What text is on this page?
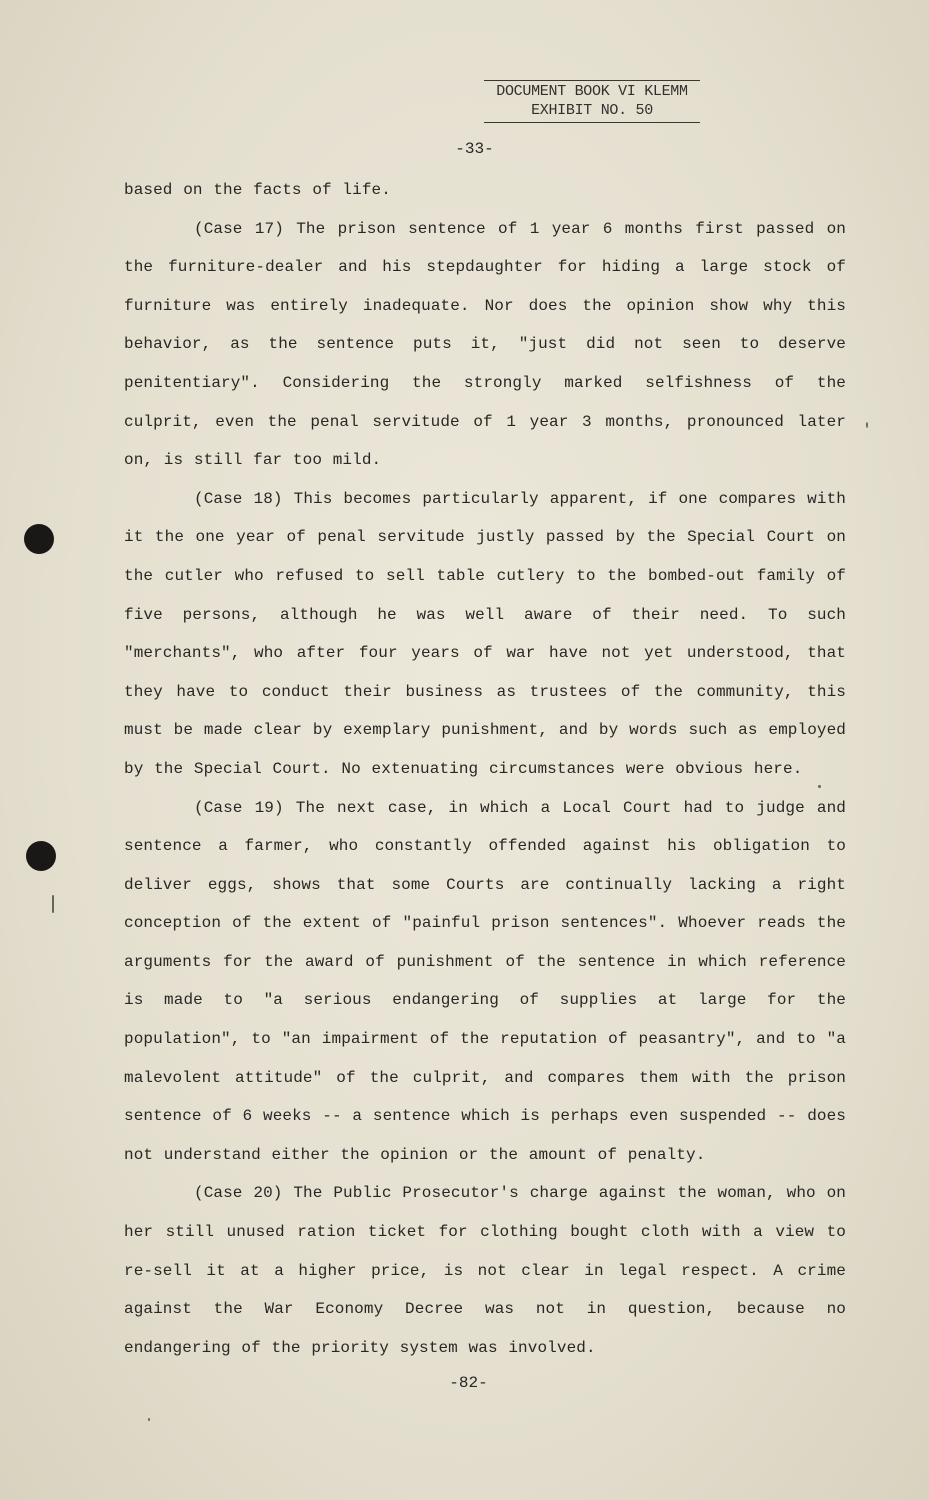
DOCUMENT BOOK VI KLEMM
EXHIBIT NO. 50
-33-

based on the facts of life.

(Case 17) The prison sentence of 1 year 6 months first passed on the furniture-dealer and his stepdaughter for hiding a large stock of furniture was entirely inadequate. Nor does the opinion show why this behavior, as the sentence puts it, "just did not seen to deserve penitentiary". Considering the strongly marked selfishness of the culprit, even the penal servitude of 1 year 3 months, pronounced later on, is still far too mild.

(Case 18) This becomes particularly apparent, if one compares with it the one year of penal servitude justly passed by the Special Court on the cutler who refused to sell table cutlery to the bombed-out family of five persons, although he was well aware of their need. To such "merchants", who after four years of war have not yet understood, that they have to conduct their business as trustees of the community, this must be made clear by exemplary punishment, and by words such as employed by the Special Court. No extenuating circumstances were obvious here.

(Case 19) The next case, in which a Local Court had to judge and sentence a farmer, who constantly offended against his obligation to deliver eggs, shows that some Courts are continually lacking a right conception of the extent of "painful prison sentences". Whoever reads the arguments for the award of punishment of the sentence in which reference is made to "a serious endangering of supplies at large for the population", to "an impairment of the reputation of peasantry", and to "a malevolent attitude" of the culprit, and compares them with the prison sentence of 6 weeks -- a sentence which is perhaps even suspended -- does not understand either the opinion or the amount of penalty.

(Case 20) The Public Prosecutor's charge against the woman, who on her still unused ration ticket for clothing bought cloth with a view to re-sell it at a higher price, is not clear in legal respect. A crime against the War Economy Decree was not in question, because no endangering of the priority system was involved.

-82-
